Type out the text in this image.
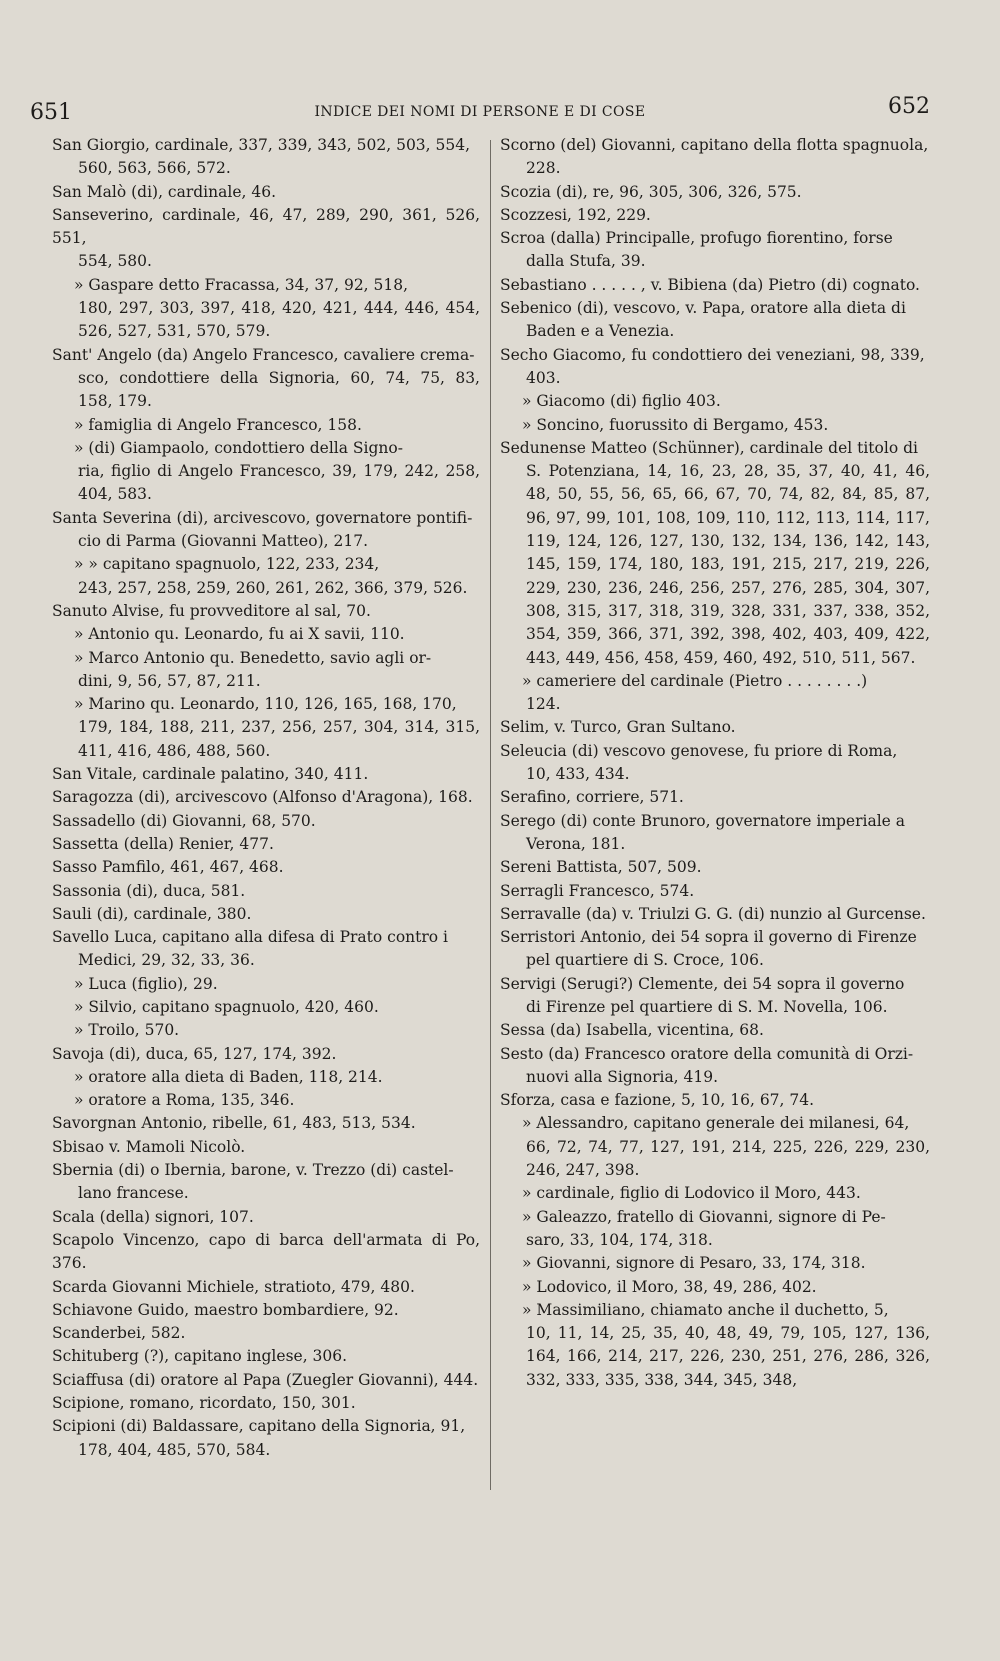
651	INDICE DEI NOMI DI PERSONE E DI COSE	652
San Giorgio, cardinale, 337, 339, 343, 502, 503, 554,
560, 563, 566, 572.
San Malò (di), cardinale, 46.
Sanseverino, cardinale, 46, 47, 289, 290, 361, 526, 551,
554, 580.
» Gaspare detto Fracassa, 34, 37, 92, 518,
180, 297, 303, 397, 418, 420, 421, 444, 446, 454, 526, 527, 531, 570, 579.
Sant' Angelo (da) Angelo Francesco, cavaliere crema-
sco, condottiere della Signoria, 60, 74, 75, 83, 158, 179.
» famiglia di Angelo Francesco, 158.
» (di) Giampaolo, condottiero della Signo-
ria, figlio di Angelo Francesco, 39, 179, 242, 258, 404, 583.
Santa Severina (di), arcivescovo, governatore pontifi-
cio di Parma (Giovanni Matteo), 217.
» » capitano spagnuolo, 122, 233, 234,
243, 257, 258, 259, 260, 261, 262, 366, 379, 526.
Sanuto Alvise, fu provveditore al sal, 70.
» Antonio qu. Leonardo, fu ai X savii, 110.
» Marco Antonio qu. Benedetto, savio agli or-
dini, 9, 56, 57, 87, 211.
» Marino qu. Leonardo, 110, 126, 165, 168, 170,
179, 184, 188, 211, 237, 256, 257, 304, 314, 315, 411, 416, 486, 488, 560.
San Vitale, cardinale palatino, 340, 411.
Saragozza (di), arcivescovo (Alfonso d'Aragona), 168.
Sassadello (di) Giovanni, 68, 570.
Sassetta (della) Renier, 477.
Sasso Pamfilo, 461, 467, 468.
Sassonia (di), duca, 581.
Sauli (di), cardinale, 380.
Savello Luca, capitano alla difesa di Prato contro i
Medici, 29, 32, 33, 36.
» Luca (figlio), 29.
» Silvio, capitano spagnuolo, 420, 460.
» Troilo, 570.
Savoja (di), duca, 65, 127, 174, 392.
» oratore alla dieta di Baden, 118, 214.
» oratore a Roma, 135, 346.
Savorgnan Antonio, ribelle, 61, 483, 513, 534.
Sbisao v. Mamoli Nicolò.
Sbernia (di) o Ibernia, barone, v. Trezzo (di) castel-
lano francese.
Scala (della) signori, 107.
Scapolo Vincenzo, capo di barca dell'armata di Po, 376.
Scarda Giovanni Michiele, stratioto, 479, 480.
Schiavone Guido, maestro bombardiere, 92.
Scanderbei, 582.
Schituberg (?), capitano inglese, 306.
Sciaffusa (di) oratore al Papa (Zuegler Giovanni), 444.
Scipione, romano, ricordato, 150, 301.
Scipioni (di) Baldassare, capitano della Signoria, 91,
178, 404, 485, 570, 584.
Scorno (del) Giovanni, capitano della flotta spagnuola,
228.
Scozia (di), re, 96, 305, 306, 326, 575.
Scozzesi, 192, 229.
Scroa (dalla) Principalle, profugo fiorentino, forse
dalla Stufa, 39.
Sebastiano . . . . . , v. Bibiena (da) Pietro (di) cognato.
Sebenico (di), vescovo, v. Papa, oratore alla dieta di
Baden e a Venezia.
Secho Giacomo, fu condottiero dei veneziani, 98, 339,
403.
» Giacomo (di) figlio 403.
» Soncino, fuorussito di Bergamo, 453.
Sedunense Matteo (Schünner), cardinale del titolo di
S. Potenziana, 14, 16, 23, 28, 35, 37, 40, 41, 46, 48, 50, 55, 56, 65, 66, 67, 70, 74, 82, 84, 85, 87, 96, 97, 99, 101, 108, 109, 110, 112, 113, 114, 117, 119, 124, 126, 127, 130, 132, 134, 136, 142, 143, 145, 159, 174, 180, 183, 191, 215, 217, 219, 226, 229, 230, 236, 246, 256, 257, 276, 285, 304, 307, 308, 315, 317, 318, 319, 328, 331, 337, 338, 352, 354, 359, 366, 371, 392, 398, 402, 403, 409, 422, 443, 449, 456, 458, 459, 460, 492, 510, 511, 567.
» cameriere del cardinale (Pietro . . . . . . . .)
124.
Selim, v. Turco, Gran Sultano.
Seleucia (di) vescovo genovese, fu priore di Roma,
10, 433, 434.
Serafino, corriere, 571.
Serego (di) conte Brunoro, governatore imperiale a
Verona, 181.
Sereni Battista, 507, 509.
Serragli Francesco, 574.
Serravalle (da) v. Triulzi G. G. (di) nunzio al Gurcense.
Serristori Antonio, dei 54 sopra il governo di Firenze
pel quartiere di S. Croce, 106.
Servigi (Serugi?) Clemente, dei 54 sopra il governo
di Firenze pel quartiere di S. M. Novella, 106.
Sessa (da) Isabella, vicentina, 68.
Sesto (da) Francesco oratore della comunità di Orzi-
nuovi alla Signoria, 419.
Sforza, casa e fazione, 5, 10, 16, 67, 74.
» Alessandro, capitano generale dei milanesi, 64,
66, 72, 74, 77, 127, 191, 214, 225, 226, 229, 230, 246, 247, 398.
» cardinale, figlio di Lodovico il Moro, 443.
» Galeazzo, fratello di Giovanni, signore di Pe-
saro, 33, 104, 174, 318.
» Giovanni, signore di Pesaro, 33, 174, 318.
» Lodovico, il Moro, 38, 49, 286, 402.
» Massimiliano, chiamato anche il duchetto, 5,
10, 11, 14, 25, 35, 40, 48, 49, 79, 105, 127, 136, 164, 166, 214, 217, 226, 230, 251, 276, 286, 326, 332, 333, 335, 338, 344, 345, 348,
